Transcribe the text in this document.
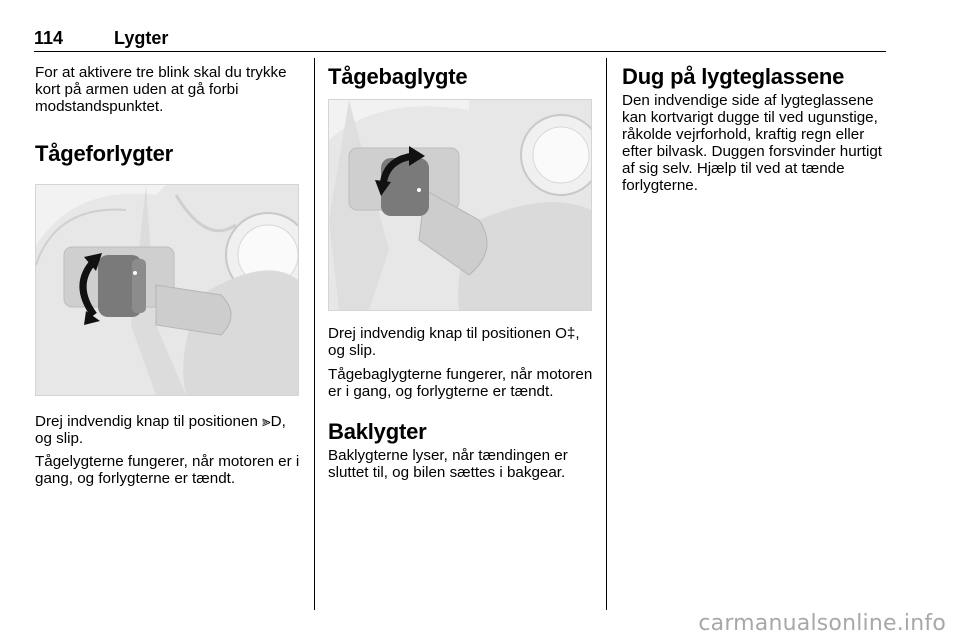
114	Lygter

For at aktivere tre blink skal du trykke kort på armen uden at gå forbi modstandspunktet.

Tågeforlygter

Drej indvendig knap til positionen ⫸D, og slip.

Tågelygterne fungerer, når motoren er i gang, og forlygterne er tændt.

Tågebaglygte

Drej indvendig knap til positionen O‡, og slip.

Tågebaglygterne fungerer, når motoren er i gang, og forlygterne er tændt.

Baklygter

Baklygterne lyser, når tændingen er sluttet til, og bilen sættes i bakgear.

Dug på lygteglassene

Den indvendige side af lygteglassene kan kortvarigt dugge til ved ugunstige, råkolde vejrforhold, kraftig regn eller efter bilvask. Duggen forsvinder hurtigt af sig selv. Hjælp til ved at tænde forlygterne.

carmanualsonline.info
